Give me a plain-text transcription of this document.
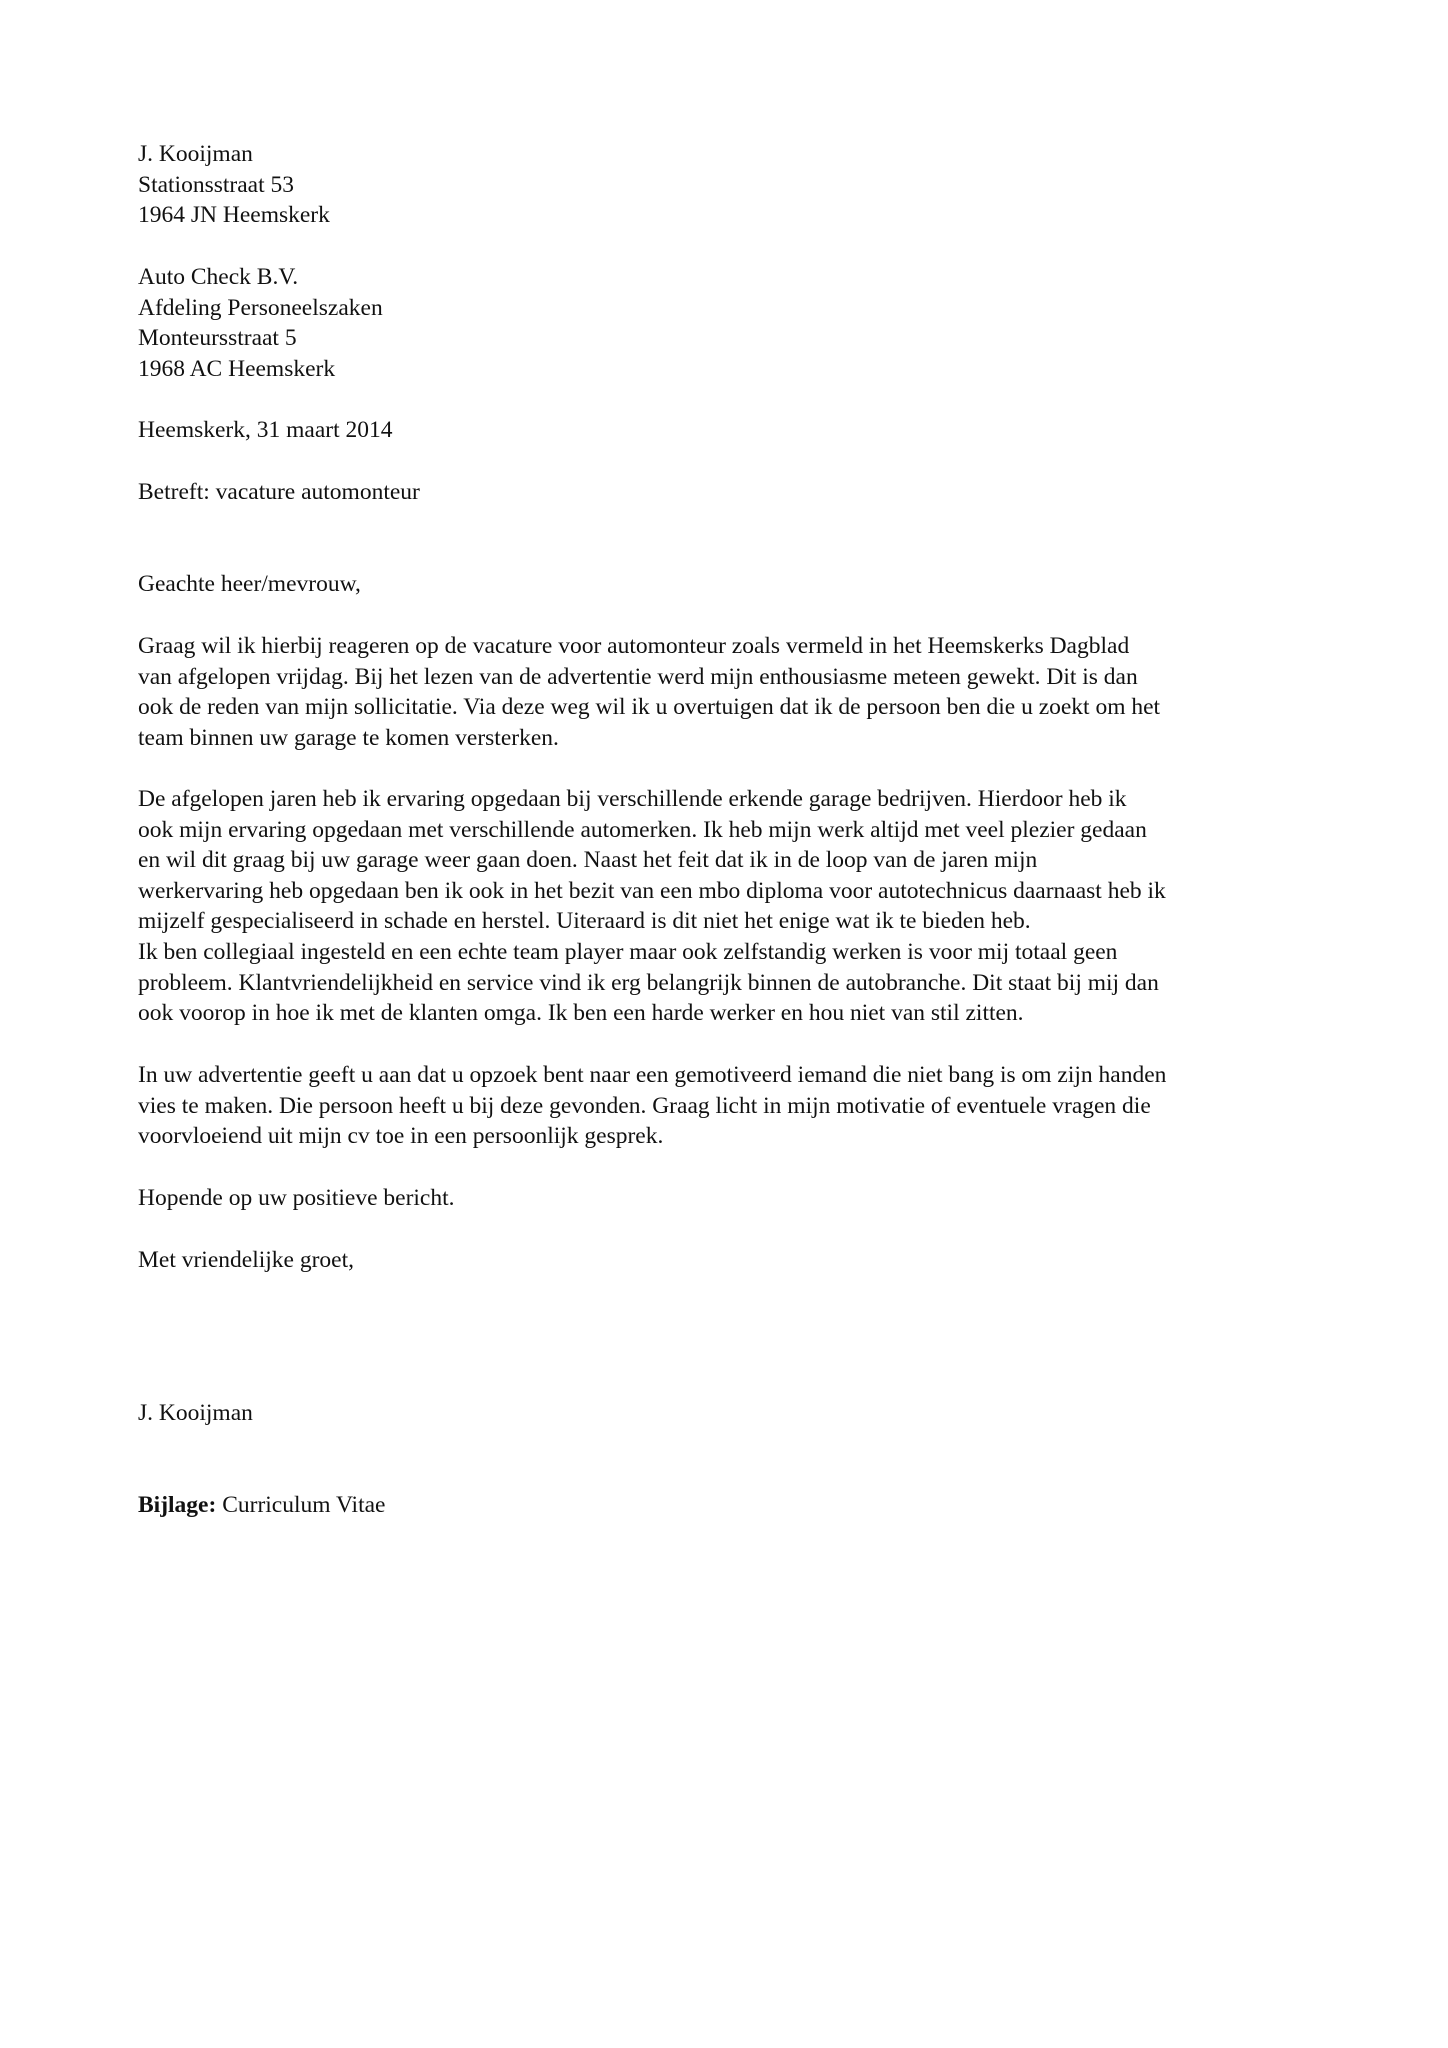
J. Kooijman
Stationsstraat 53
1964 JN Heemskerk
Auto Check B.V.
Afdeling Personeelszaken
Monteursstraat 5
1968 AC Heemskerk
Heemskerk, 31 maart 2014
Betreft: vacature automonteur
Geachte heer/mevrouw,
Graag wil ik hierbij reageren op de vacature voor automonteur zoals vermeld in het Heemskerks Dagblad
van afgelopen vrijdag. Bij het lezen van de advertentie werd mijn enthousiasme meteen gewekt. Dit is dan
ook de reden van mijn sollicitatie. Via deze weg wil ik u overtuigen dat ik de persoon ben die u zoekt om het
team binnen uw garage te komen versterken.
De afgelopen jaren heb ik ervaring opgedaan bij verschillende erkende garage bedrijven. Hierdoor heb ik
ook mijn ervaring opgedaan met verschillende automerken. Ik heb mijn werk altijd met veel plezier gedaan
en wil dit graag bij uw garage weer gaan doen. Naast het feit dat ik in de loop van de jaren mijn
werkervaring heb opgedaan ben ik ook in het bezit van een mbo diploma voor autotechnicus daarnaast heb ik
mijzelf gespecialiseerd in schade en herstel. Uiteraard is dit niet het enige wat ik te bieden heb.
Ik ben collegiaal ingesteld en een echte team player maar ook zelfstandig werken is voor mij totaal geen
probleem. Klantvriendelijkheid en service vind ik erg belangrijk binnen de autobranche. Dit staat bij mij dan
ook voorop in hoe ik met de klanten omga. Ik ben een harde werker en hou niet van stil zitten.
In uw advertentie geeft u aan dat u opzoek bent naar een gemotiveerd iemand die niet bang is om zijn handen
vies te maken. Die persoon heeft u bij deze gevonden. Graag licht in mijn motivatie of eventuele vragen die
voorvloeiend uit mijn cv toe in een persoonlijk gesprek.
Hopende op uw positieve bericht.
Met vriendelijke groet,
J. Kooijman
Bijlage: Curriculum Vitae
